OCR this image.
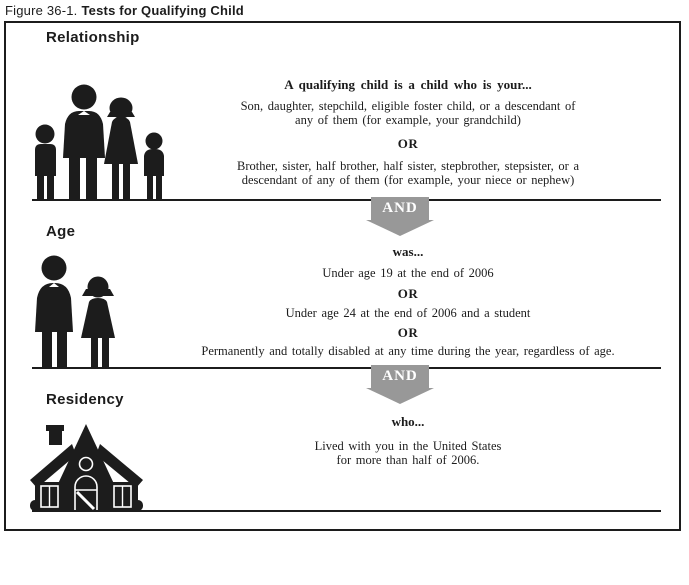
Figure 36-1. Tests for Qualifying Child
Relationship
A qualifying child is a child who is your...
Son, daughter, stepchild, eligible foster child, or a descendant of
any of them (for example, your grandchild)
OR
Brother, sister, half brother, half sister, stepbrother, stepsister, or a
descendant of any of them (for example, your niece or nephew)
AND
Age
was...
Under age 19 at the end of 2006
OR
Under age 24 at the end of 2006 and a student
OR
Permanently and totally disabled at any time during the year, regardless of age.
AND
Residency
who...
Lived with you in the United States
for more than half of 2006.
